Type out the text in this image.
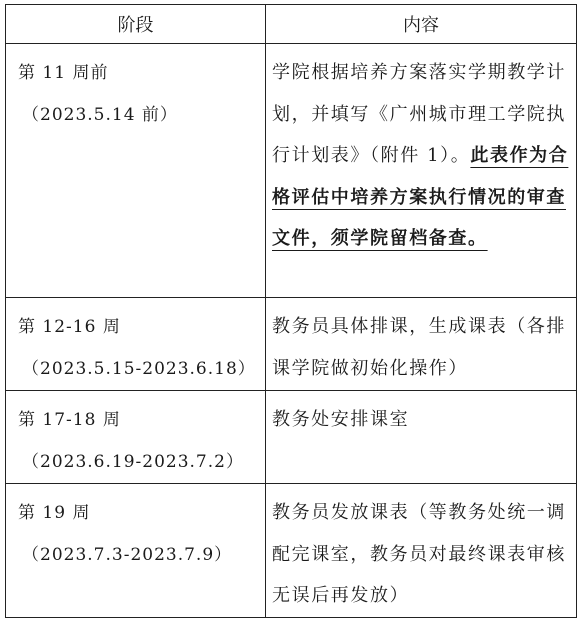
阶段	内容

第 11 周前
（2023.5.14 前）	学院根据培养方案落实学期教学计划，并填写《广州城市理工学院执行计划表》（附件 1）。此表作为合格评估中培养方案执行情况的审查文件，须学院留档备查。

第 12-16 周
（2023.5.15-2023.6.18）	教务员具体排课，生成课表（各排课学院做初始化操作）

第 17-18 周
（2023.6.19-2023.7.2）	教务处安排课室

第 19 周
（2023.7.3-2023.7.9）	教务员发放课表（等教务处统一调配完课室，教务员对最终课表审核无误后再发放）
